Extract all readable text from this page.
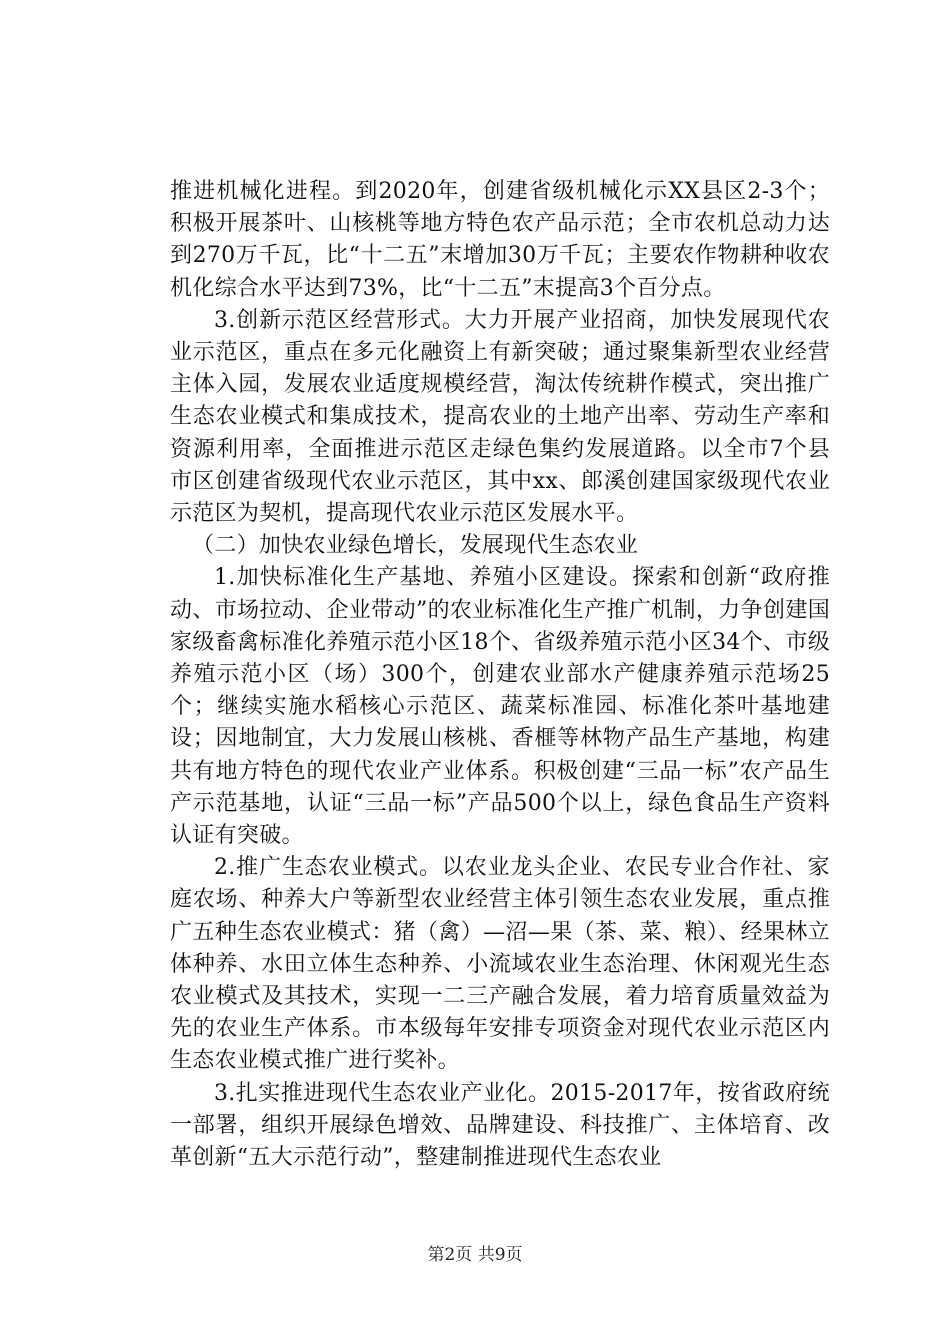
推进机械化进程。到2020年，创建省级机械化示XX县区2-3个；积极开展茶叶、山核桃等地方特色农产品示范；全市农机总动力达到270万千瓦，比“十二五”末增加30万千瓦；主要农作物耕种收农机化综合水平达到73%，比“十二五”末提高3个百分点。

3.创新示范区经营形式。大力开展产业招商，加快发展现代农业示范区，重点在多元化融资上有新突破；通过聚集新型农业经营主体入园，发展农业适度规模经营，淘汰传统耕作模式，突出推广生态农业模式和集成技术，提高农业的土地产出率、劳动生产率和资源利用率，全面推进示范区走绿色集约发展道路。以全市7个县市区创建省级现代农业示范区，其中xx、郎溪创建国家级现代农业示范区为契机，提高现代农业示范区发展水平。

（二）加快农业绿色增长，发展现代生态农业

1.加快标准化生产基地、养殖小区建设。探索和创新“政府推动、市场拉动、企业带动”的农业标准化生产推广机制，力争创建国家级畜禽标准化养殖示范小区18个、省级养殖示范小区34个、市级养殖示范小区（场）300个，创建农业部水产健康养殖示范场25个；继续实施水稻核心示范区、蔬菜标准园、标准化茶叶基地建设；因地制宜，大力发展山核桃、香榧等林物产品生产基地，构建共有地方特色的现代农业产业体系。积极创建“三品一标”农产品生产示范基地，认证“三品一标”产品500个以上，绿色食品生产资料认证有突破。

2.推广生态农业模式。以农业龙头企业、农民专业合作社、家庭农场、种养大户等新型农业经营主体引领生态农业发展，重点推广五种生态农业模式：猪（禽）—沼—果（茶、菜、粮）、经果林立体种养、水田立体生态种养、小流域农业生态治理、休闲观光生态农业模式及其技术，实现一二三产融合发展，着力培育质量效益为先的农业生产体系。市本级每年安排专项资金对现代农业示范区内生态农业模式推广进行奖补。

3.扎实推进现代生态农业产业化。2015-2017年，按省政府统一部署，组织开展绿色增效、品牌建设、科技推广、主体培育、改革创新“五大示范行动”，整建制推进现代生态农业

第2页 共9页
